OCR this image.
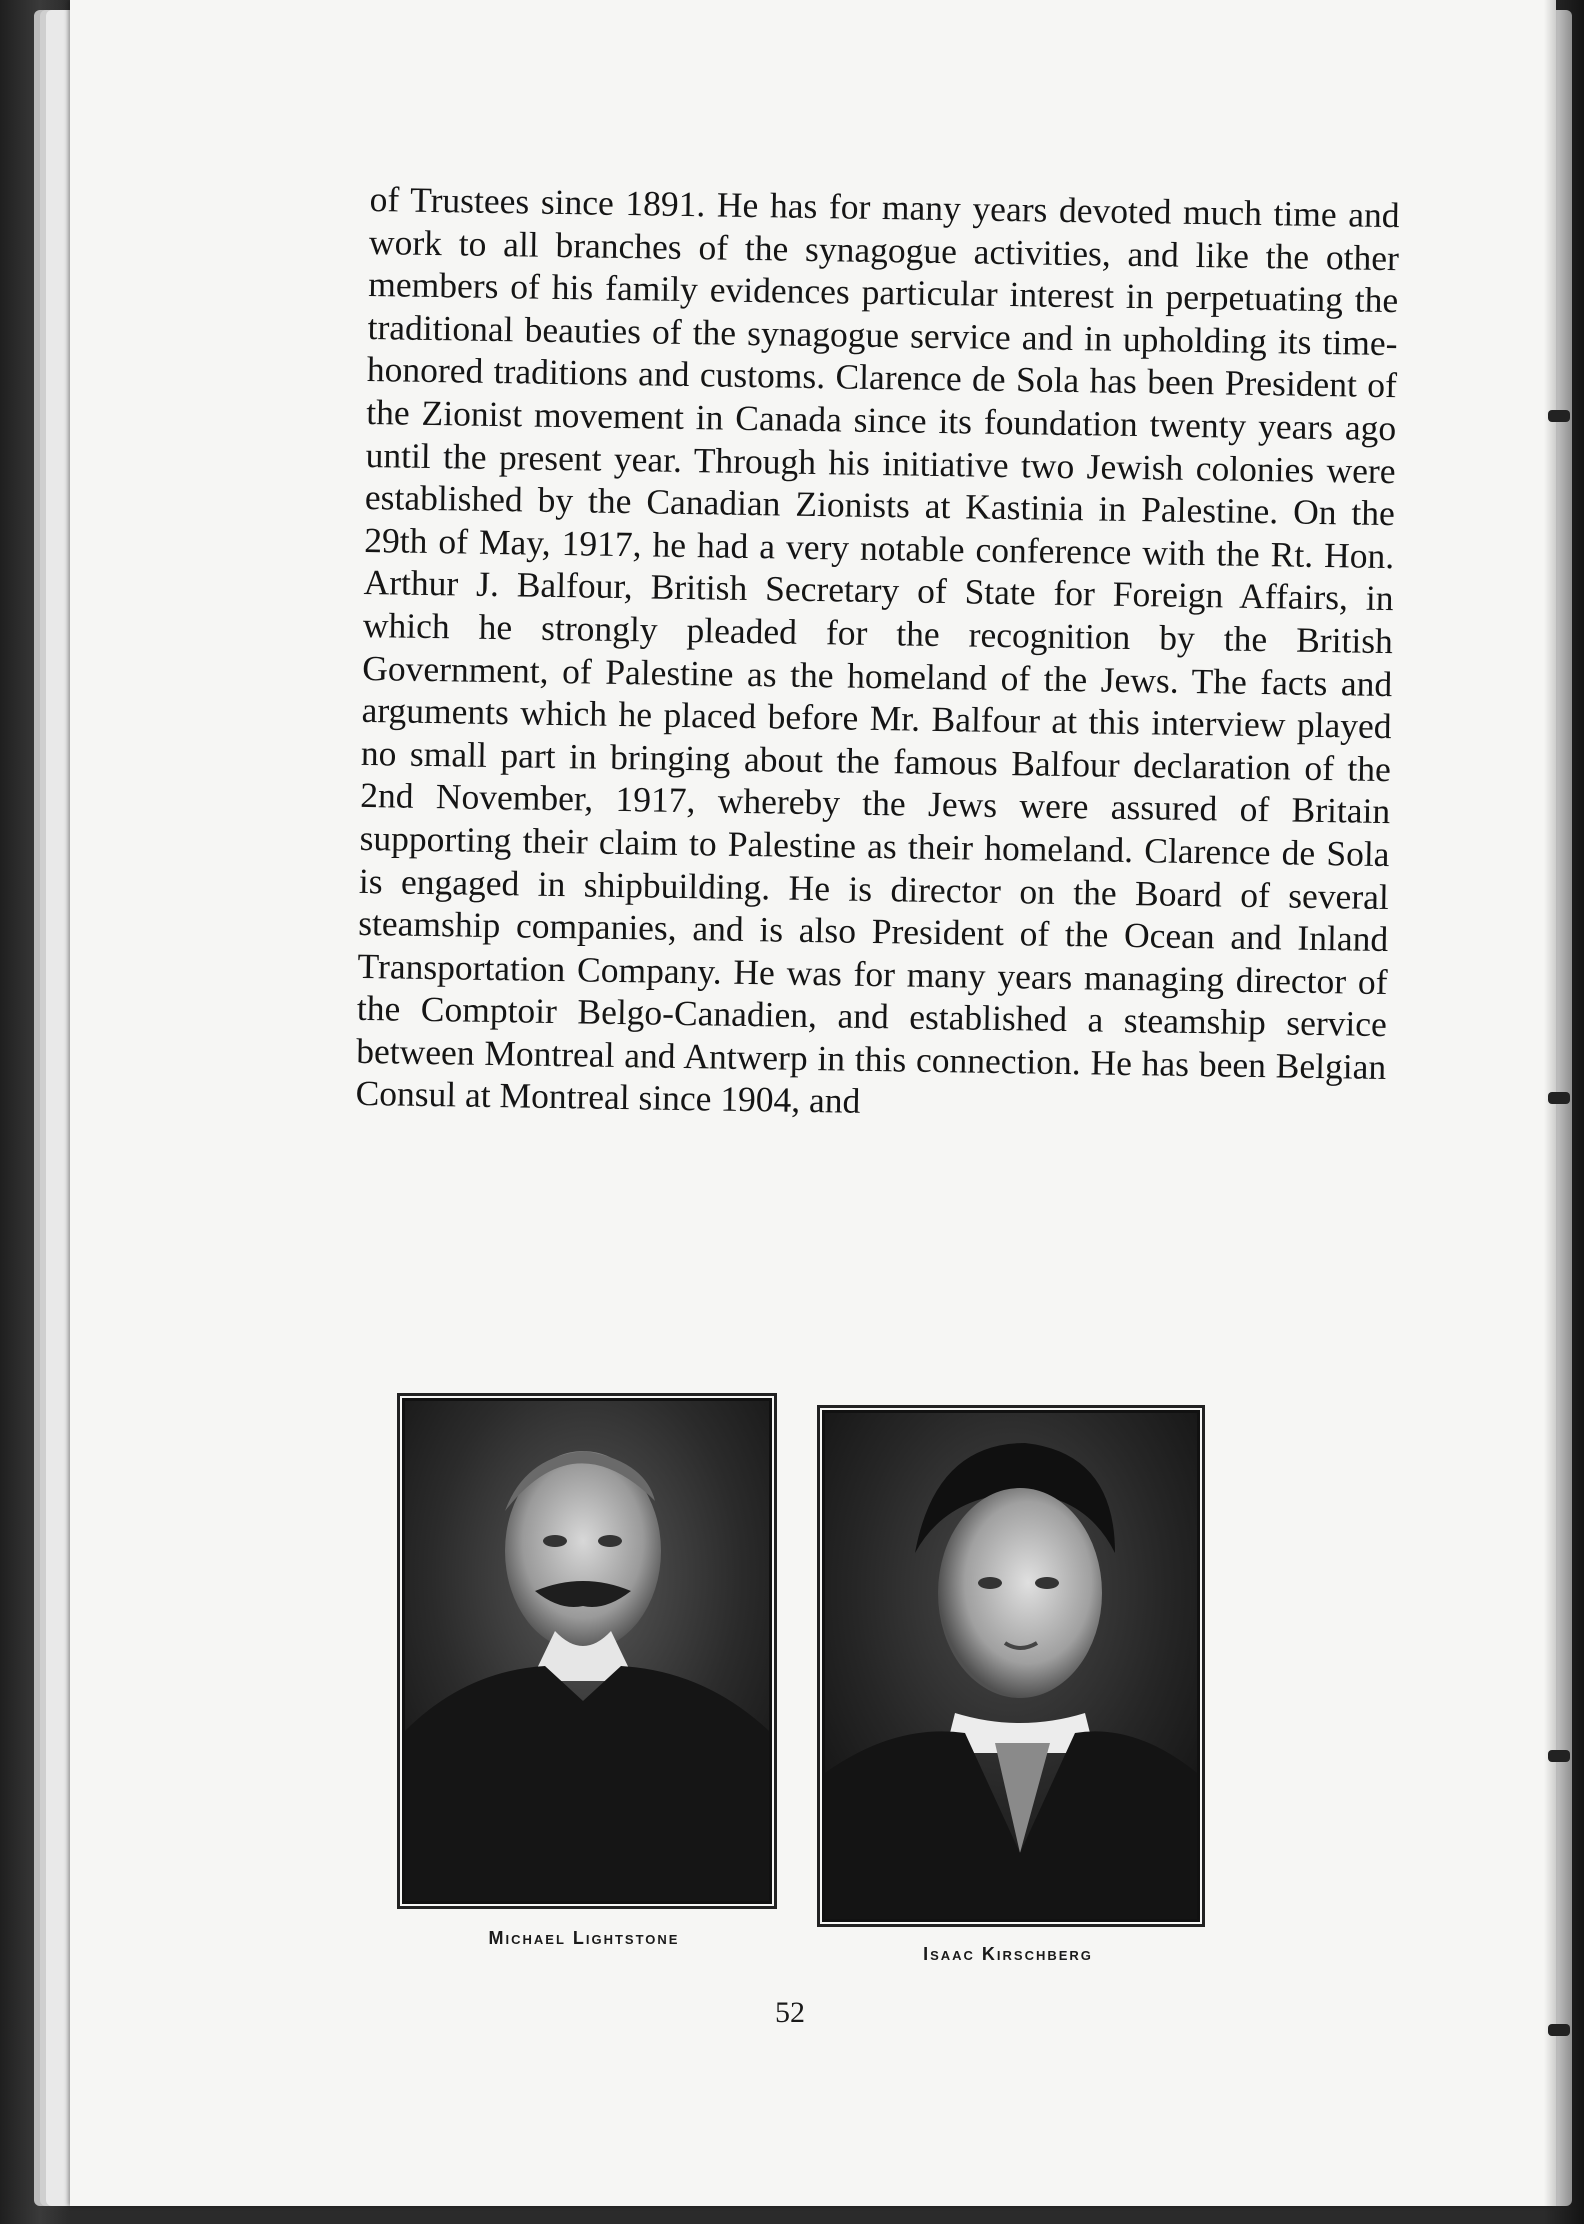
of Trustees since 1891. He has for many years devoted much time and work to all branches of the synagogue activities, and like the other members of his family evidences particular interest in perpetuating the traditional beauties of the synagogue service and in upholding its time-honored traditions and customs. Clarence de Sola has been President of the Zionist movement in Canada since its foundation twenty years ago until the present year. Through his initiative two Jewish colonies were established by the Canadian Zionists at Kastinia in Palestine. On the 29th of May, 1917, he had a very notable conference with the Rt. Hon. Arthur J. Balfour, British Secretary of State for Foreign Affairs, in which he strongly pleaded for the recognition by the British Government, of Palestine as the homeland of the Jews. The facts and arguments which he placed before Mr. Balfour at this interview played no small part in bringing about the famous Balfour declaration of the 2nd November, 1917, whereby the Jews were assured of Britain supporting their claim to Palestine as their homeland. Clarence de Sola is engaged in shipbuilding. He is director on the Board of several steamship companies, and is also President of the Ocean and Inland Transportation Company. He was for many years managing director of the Comptoir Belgo-Canadien, and established a steamship service between Montreal and Antwerp in this connection. He has been Belgian Consul at Montreal since 1904, and

Michael Lightstone
Isaac Kirschberg
52
